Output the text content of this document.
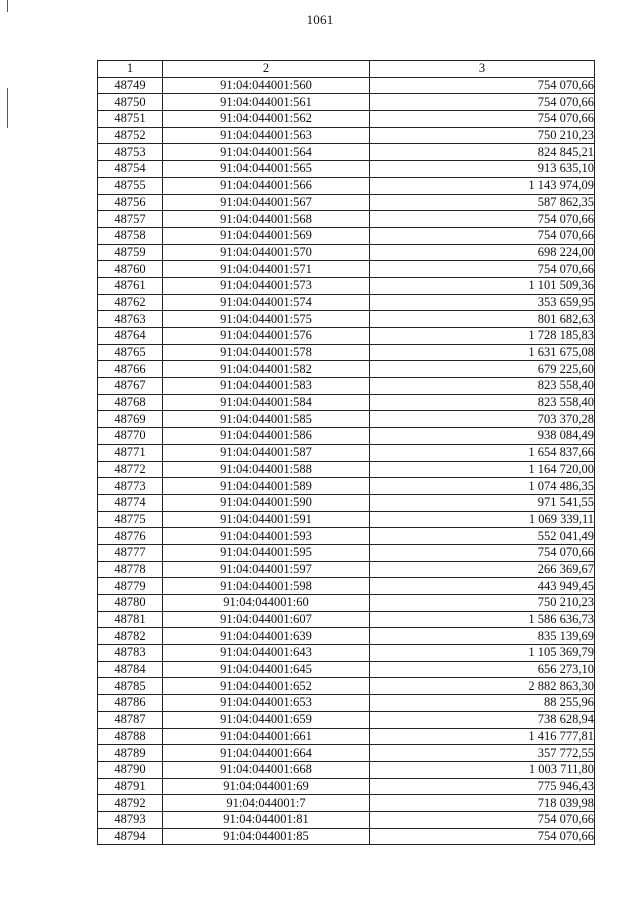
1061
1	2	3
48749	91:04:044001:560	754 070,66
48750	91:04:044001:561	754 070,66
48751	91:04:044001:562	754 070,66
48752	91:04:044001:563	750 210,23
48753	91:04:044001:564	824 845,21
48754	91:04:044001:565	913 635,10
48755	91:04:044001:566	1 143 974,09
48756	91:04:044001:567	587 862,35
48757	91:04:044001:568	754 070,66
48758	91:04:044001:569	754 070,66
48759	91:04:044001:570	698 224,00
48760	91:04:044001:571	754 070,66
48761	91:04:044001:573	1 101 509,36
48762	91:04:044001:574	353 659,95
48763	91:04:044001:575	801 682,63
48764	91:04:044001:576	1 728 185,83
48765	91:04:044001:578	1 631 675,08
48766	91:04:044001:582	679 225,60
48767	91:04:044001:583	823 558,40
48768	91:04:044001:584	823 558,40
48769	91:04:044001:585	703 370,28
48770	91:04:044001:586	938 084,49
48771	91:04:044001:587	1 654 837,66
48772	91:04:044001:588	1 164 720,00
48773	91:04:044001:589	1 074 486,35
48774	91:04:044001:590	971 541,55
48775	91:04:044001:591	1 069 339,11
48776	91:04:044001:593	552 041,49
48777	91:04:044001:595	754 070,66
48778	91:04:044001:597	266 369,67
48779	91:04:044001:598	443 949,45
48780	91:04:044001:60	750 210,23
48781	91:04:044001:607	1 586 636,73
48782	91:04:044001:639	835 139,69
48783	91:04:044001:643	1 105 369,79
48784	91:04:044001:645	656 273,10
48785	91:04:044001:652	2 882 863,30
48786	91:04:044001:653	88 255,96
48787	91:04:044001:659	738 628,94
48788	91:04:044001:661	1 416 777,81
48789	91:04:044001:664	357 772,55
48790	91:04:044001:668	1 003 711,80
48791	91:04:044001:69	775 946,43
48792	91:04:044001:7	718 039,98
48793	91:04:044001:81	754 070,66
48794	91:04:044001:85	754 070,66
